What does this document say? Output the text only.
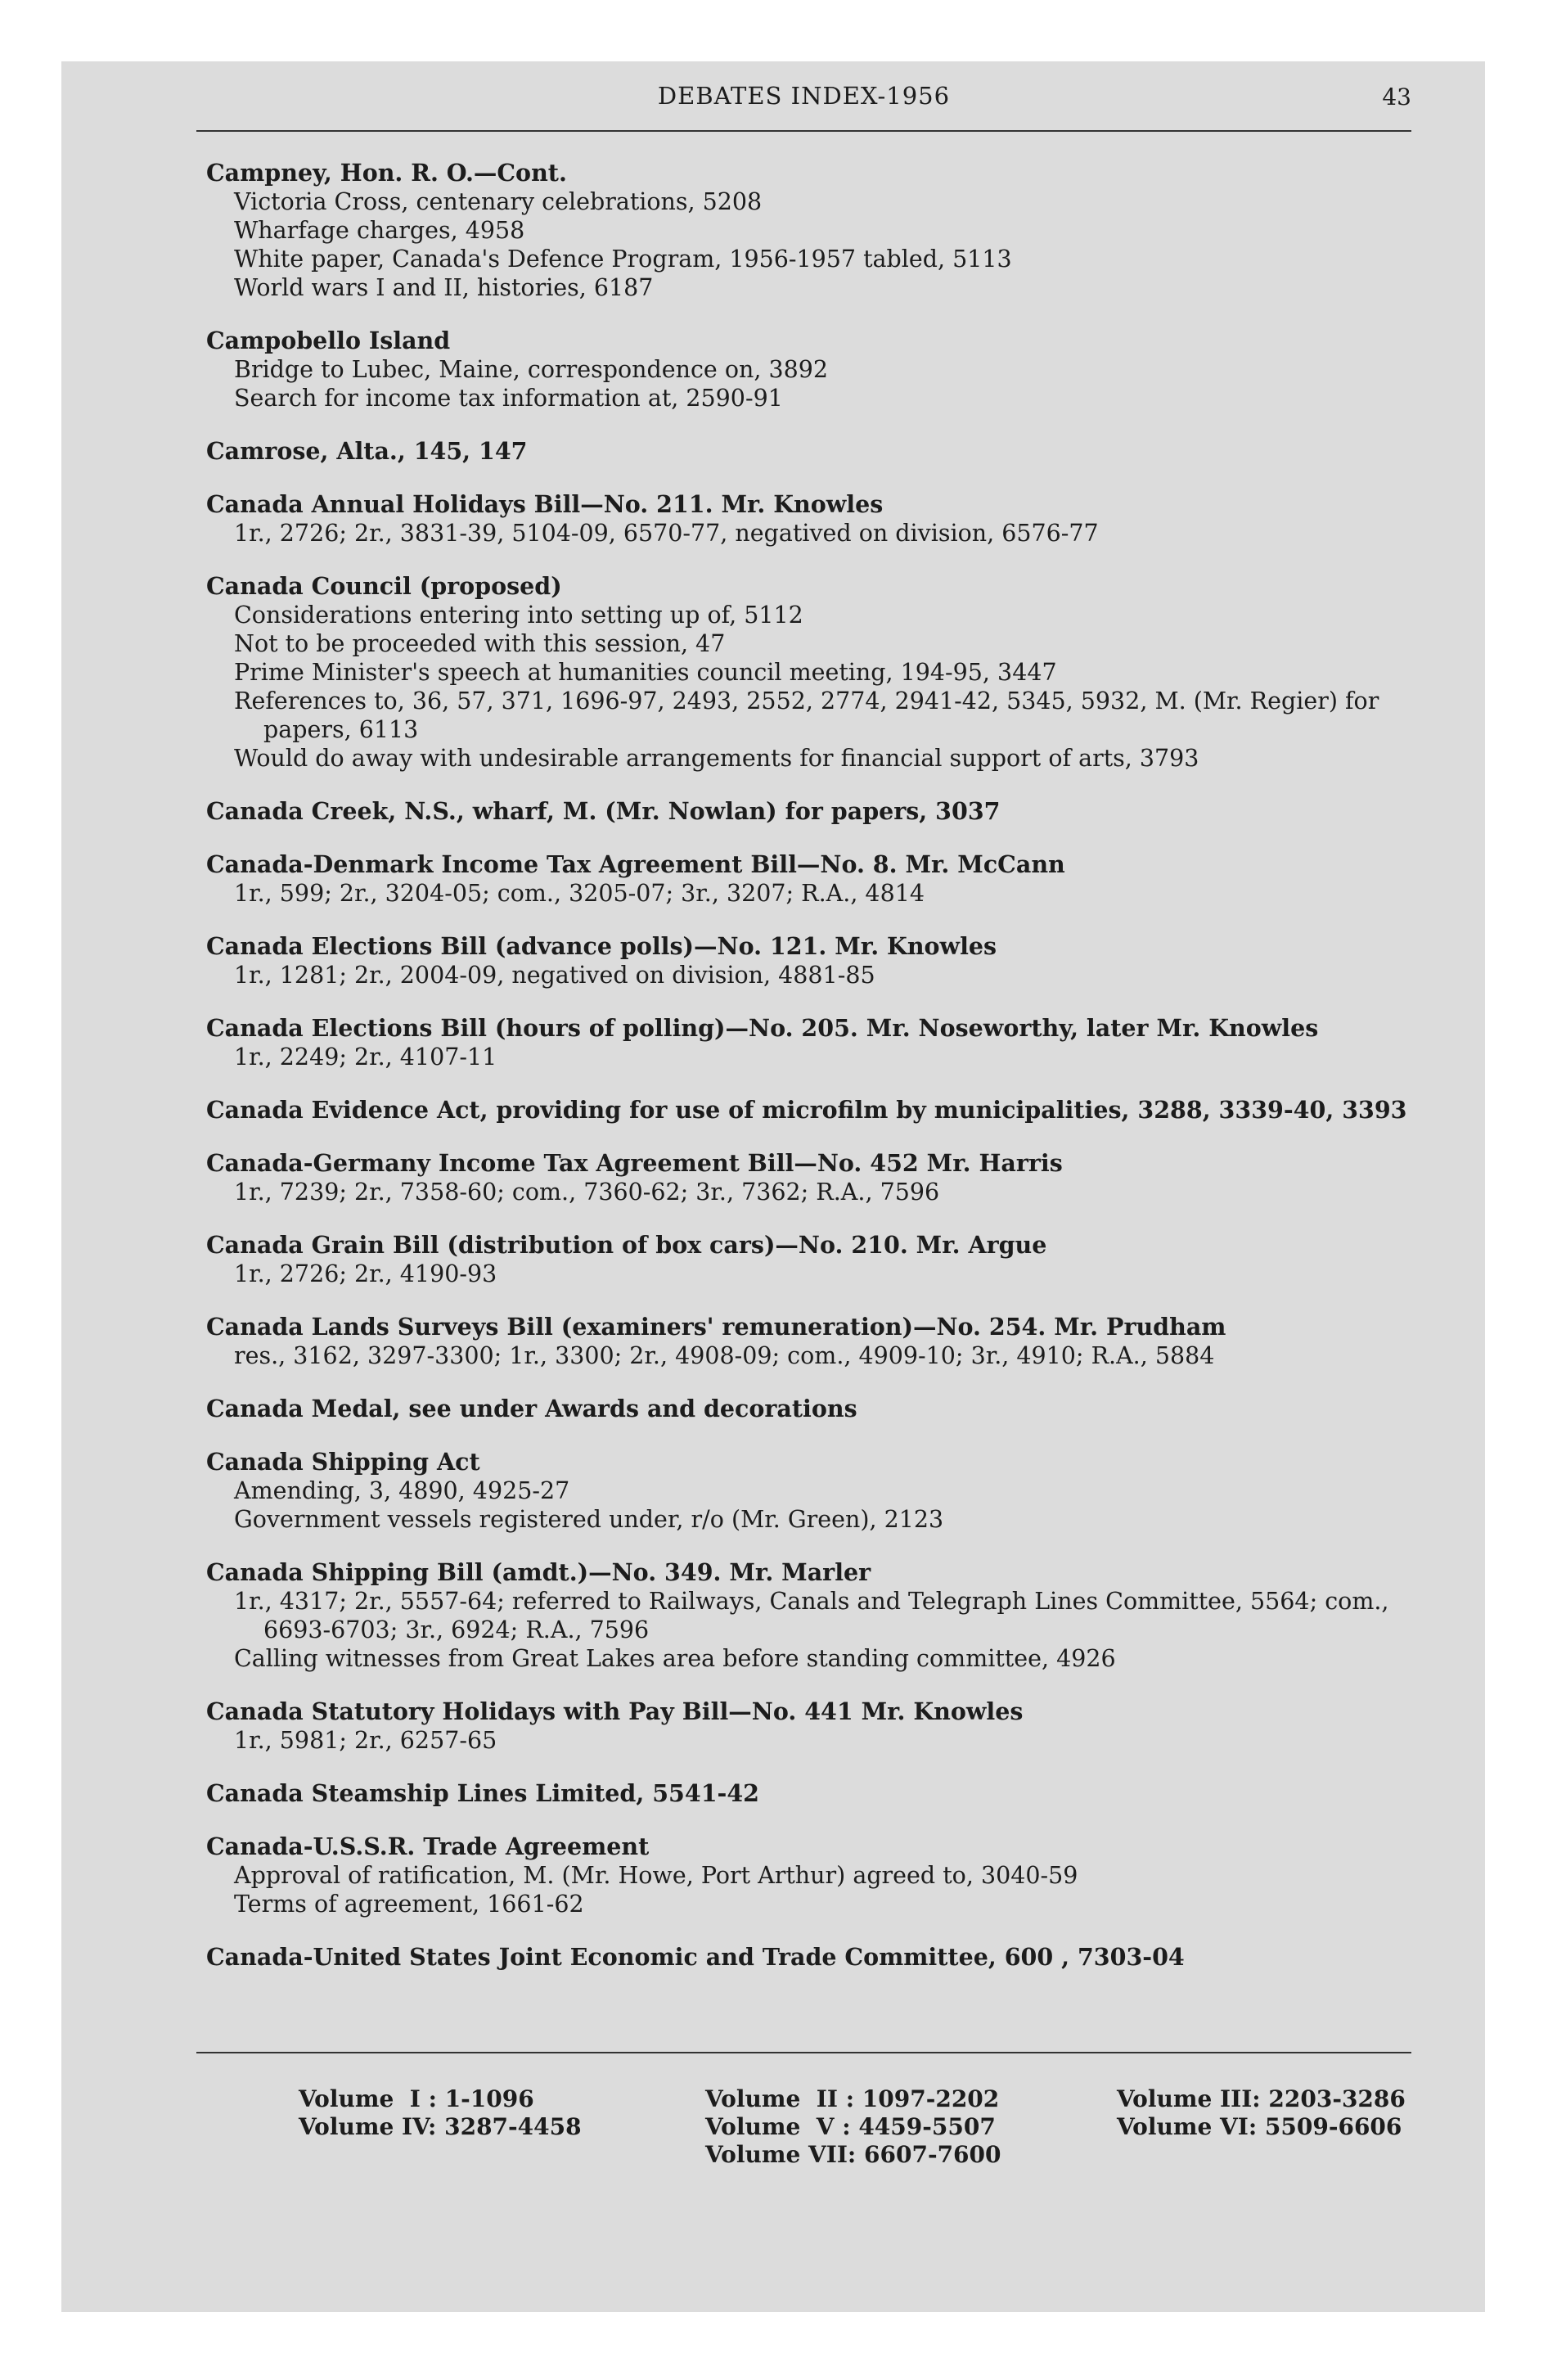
DEBATES INDEX-1956	43

Campney, Hon. R. O.—Cont.

Victoria Cross, centenary celebrations, 5208

Wharfage charges, 4958

White paper, Canada's Defence Program, 1956-1957 tabled, 5113

World wars I and II, histories, 6187

Campobello Island

Bridge to Lubec, Maine, correspondence on, 3892

Search for income tax information at, 2590-91

Camrose, Alta., 145, 147

Canada Annual Holidays Bill—No. 211. Mr. Knowles

1r., 2726; 2r., 3831-39, 5104-09, 6570-77, negatived on division, 6576-77

Canada Council (proposed)

Considerations entering into setting up of, 5112

Not to be proceeded with this session, 47

Prime Minister's speech at humanities council meeting, 194-95, 3447

References to, 36, 57, 371, 1696-97, 2493, 2552, 2774, 2941-42, 5345, 5932, M. (Mr. Regier) for papers, 6113

Would do away with undesirable arrangements for financial support of arts, 3793

Canada Creek, N.S., wharf, M. (Mr. Nowlan) for papers, 3037

Canada-Denmark Income Tax Agreement Bill—No. 8. Mr. McCann

1r., 599; 2r., 3204-05; com., 3205-07; 3r., 3207; R.A., 4814

Canada Elections Bill (advance polls)—No. 121. Mr. Knowles

1r., 1281; 2r., 2004-09, negatived on division, 4881-85

Canada Elections Bill (hours of polling)—No. 205. Mr. Noseworthy, later Mr. Knowles

1r., 2249; 2r., 4107-11

Canada Evidence Act, providing for use of microfilm by municipalities, 3288, 3339-40, 3393

Canada-Germany Income Tax Agreement Bill—No. 452 Mr. Harris

1r., 7239; 2r., 7358-60; com., 7360-62; 3r., 7362; R.A., 7596

Canada Grain Bill (distribution of box cars)—No. 210. Mr. Argue

1r., 2726; 2r., 4190-93

Canada Lands Surveys Bill (examiners' remuneration)—No. 254. Mr. Prudham

res., 3162, 3297-3300; 1r., 3300; 2r., 4908-09; com., 4909-10; 3r., 4910; R.A., 5884

Canada Medal, see under Awards and decorations

Canada Shipping Act

Amending, 3, 4890, 4925-27

Government vessels registered under, r/o (Mr. Green), 2123

Canada Shipping Bill (amdt.)—No. 349. Mr. Marler

1r., 4317; 2r., 5557-64; referred to Railways, Canals and Telegraph Lines Committee, 5564; com., 6693-6703; 3r., 6924; R.A., 7596

Calling witnesses from Great Lakes area before standing committee, 4926

Canada Statutory Holidays with Pay Bill—No. 441 Mr. Knowles

1r., 5981; 2r., 6257-65

Canada Steamship Lines Limited, 5541-42

Canada-U.S.S.R. Trade Agreement

Approval of ratification, M. (Mr. Howe, Port Arthur) agreed to, 3040-59

Terms of agreement, 1661-62

Canada-United States Joint Economic and Trade Committee, 600 , 7303-04

Volume  I : 1-1096
Volume IV: 3287-4458
Volume  II : 1097-2202
Volume  V : 4459-5507
Volume VII: 6607-7600
Volume III: 2203-3286
Volume VI: 5509-6606
